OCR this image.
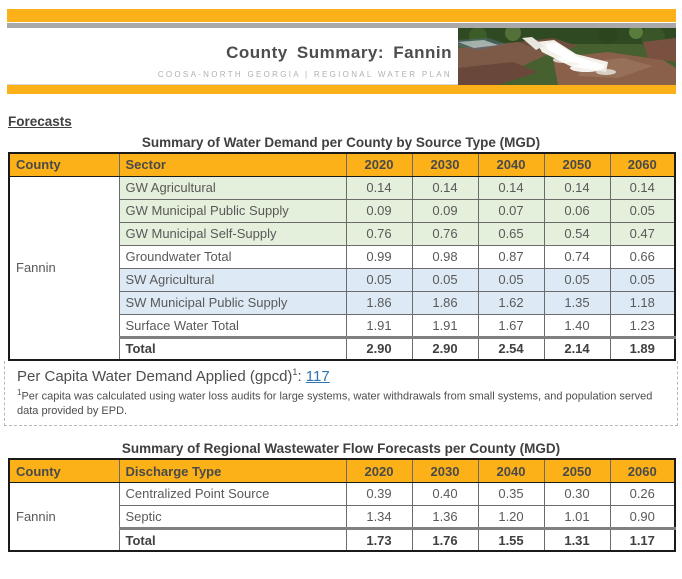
County Summary: Fannin
COOSA-NORTH GEORGIA | REGIONAL WATER PLAN
Forecasts
Summary of Water Demand per County by Source Type (MGD)
County	Sector	2020	2030	2040	2050	2060
Fannin	GW Agricultural	0.14	0.14	0.14	0.14	0.14
	GW Municipal Public Supply	0.09	0.09	0.07	0.06	0.05
	GW Municipal Self-Supply	0.76	0.76	0.65	0.54	0.47
	Groundwater Total	0.99	0.98	0.87	0.74	0.66
	SW Agricultural	0.05	0.05	0.05	0.05	0.05
	SW Municipal Public Supply	1.86	1.86	1.62	1.35	1.18
	Surface Water Total	1.91	1.91	1.67	1.40	1.23
	Total	2.90	2.90	2.54	2.14	1.89
Per Capita Water Demand Applied (gpcd)$^1$: 117
$^1$Per capita was calculated using water loss audits for large systems, water withdrawals from small systems, and population served data provided by EPD.
Summary of Regional Wastewater Flow Forecasts per County (MGD)
County	Discharge Type	2020	2030	2040	2050	2060
Fannin	Centralized Point Source	0.39	0.40	0.35	0.30	0.26
	Septic	1.34	1.36	1.20	1.01	0.90
	Total	1.73	1.76	1.55	1.31	1.17
